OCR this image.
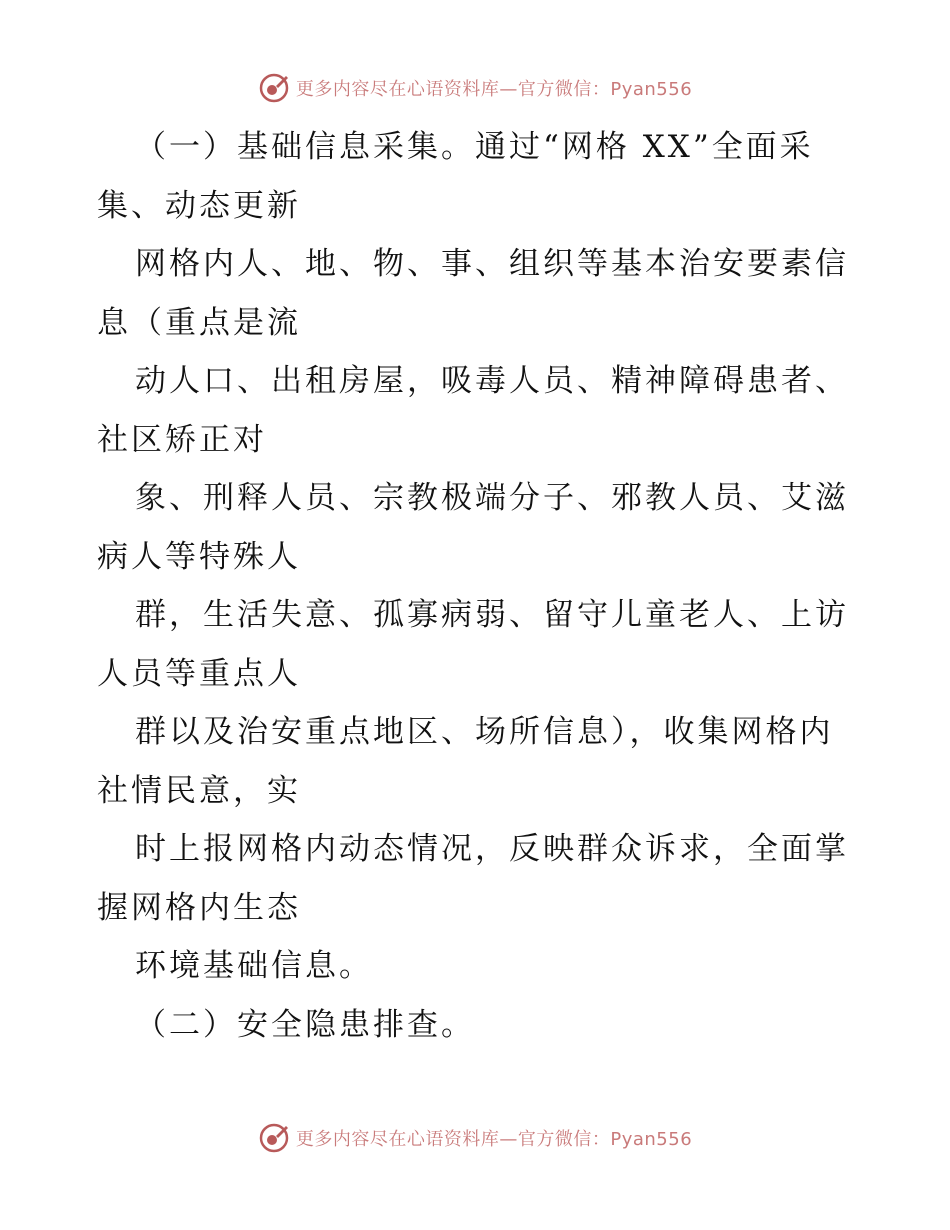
更多内容尽在心语资料库—官方微信：Pyan556
（一）基础信息采集。通过“网格 XX”全面采
集、动态更新
网格内人、地、物、事、组织等基本治安要素信
息（重点是流
动人口、出租房屋，吸毒人员、精神障碍患者、
社区矫正对
象、刑释人员、宗教极端分子、邪教人员、艾滋
病人等特殊人
群，生活失意、孤寡病弱、留守儿童老人、上访
人员等重点人
群以及治安重点地区、场所信息），收集网格内
社情民意，实
时上报网格内动态情况，反映群众诉求，全面掌
握网格内生态
环境基础信息。
（二）安全隐患排查。
更多内容尽在心语资料库—官方微信：Pyan556
